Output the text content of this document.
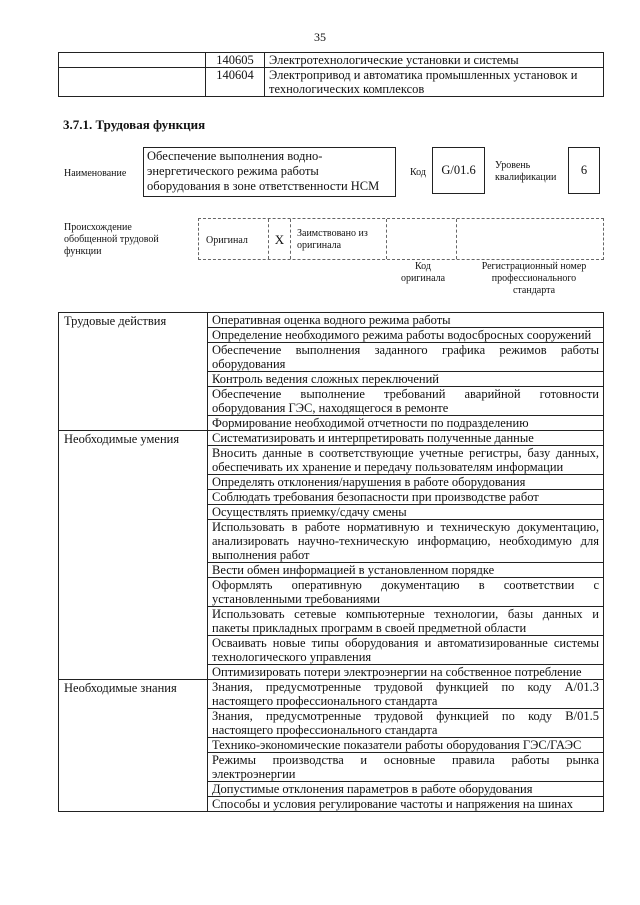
35
	140605	Электротехнологические установки и системы
	140604	Электропривод и автоматика промышленных установок и технологических комплексов
3.7.1. Трудовая функция
Наименование
Обеспечение выполнения водно-энергетического режима работы оборудования в зоне ответственности НСМ
Код	G/01.6	Уровень квалификации
6
Происхождение обобщенной трудовой функции
Оригинал	X	Заимствовано из оригинала
Код оригинала
Регистрационный номер профессионального стандарта
Трудовые действия	Оперативная оценка водного режима работы
	Определение необходимого режима работы водосбросных сооружений
	Обеспечение выполнения заданного графика режимов работы оборудования
	Контроль ведения сложных переключений
	Обеспечение выполнение требований аварийной готовности оборудования ГЭС, находящегося в ремонте
	Формирование необходимой отчетности по подразделению
Необходимые умения	Систематизировать и интерпретировать полученные данные
	Вносить данные в соответствующие учетные регистры, базу данных, обеспечивать их хранение и передачу пользователям информации
	Определять отклонения/нарушения в работе оборудования
	Соблюдать требования безопасности при производстве работ
	Осуществлять приемку/сдачу смены
	Использовать в работе нормативную и техническую документацию, анализировать научно-техническую информацию, необходимую для выполнения работ
	Вести обмен информацией в установленном порядке
	Оформлять оперативную документацию в соответствии с установленными требованиями
	Использовать сетевые компьютерные технологии, базы данных и пакеты прикладных программ в своей предметной области
	Осваивать новые типы оборудования и автоматизированные системы технологического управления
	Оптимизировать потери электроэнергии на собственное потребление
Необходимые знания	Знания, предусмотренные трудовой функцией по коду А/01.3 настоящего профессионального стандарта
	Знания, предусмотренные трудовой функцией по коду В/01.5 настоящего профессионального стандарта
	Технико-экономические показатели работы оборудования ГЭС/ГАЭС
	Режимы производства и основные правила работы рынка электроэнергии
	Допустимые отклонения параметров в работе оборудования
	Способы и условия регулирование частоты и напряжения на шинах
